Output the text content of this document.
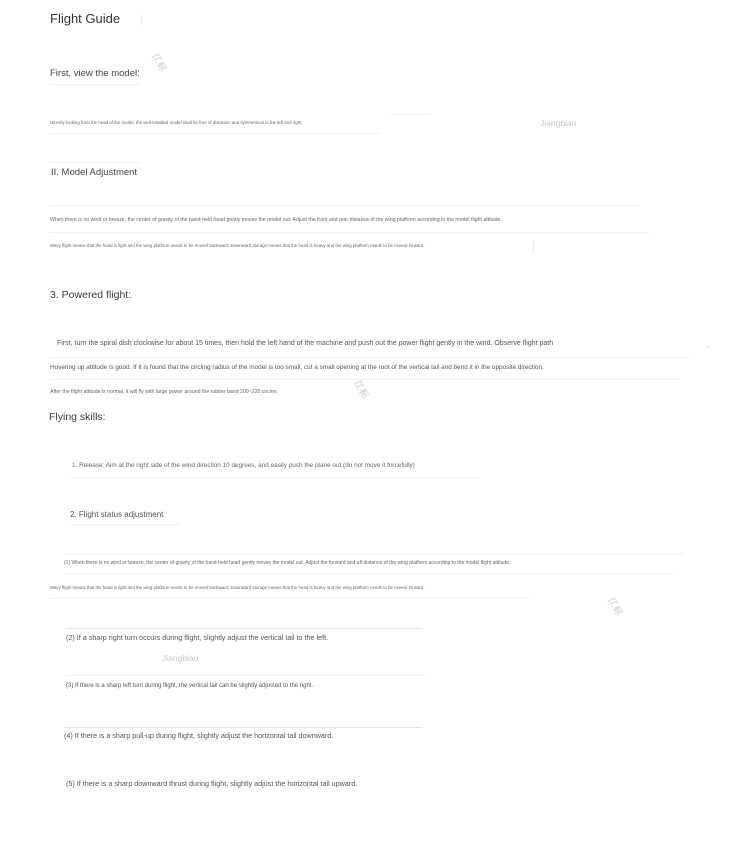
Jiangbiao
Jiangbiao
江标
江标
江标
Flight Guide
First, view the model:
Directly looking from the head of the model, the well-installed model shall be free of distortion and symmetrical to the left and right.
II. Model Adjustment
When there is no wind or breeze, the center of gravity of the hand-held head gently moves the model out. Adjust the front and rear distance of the wing platform according to the model flight attitude.
Wavy flight means that the head is light and the wing platform needs to be moved backward; Downward storage means that the head is heavy and the wing platform needs to be moved forward.
3. Powered flight:
First, turn the spiral dish clockwise for about 15 times, then hold the left hand of the machine and push out the power flight gently in the wind. Observe flight path	,
Hovering up attitude is good. If it is found that the circling radius of the model is too small, cut a small opening at the root of the vertical tail and bend it in the opposite direction.
After the flight attitude is normal, it will fly with large power around the rubber band 200~220 circles.
Flying skills:
1. Release: Aim at the right side of the wind direction 10 degrees, and easily push the plane out (do not move it forcefully)
2. Flight status adjustment
(1) When there is no wind or breeze, the center of gravity of the hand-held head gently moves the model out. Adjust the forward and aft distance of the wing platform according to the model flight attitude.
Wavy flight means that the head is light and the wing platform needs to be moved backward; Downward storage means that the head is heavy and the wing platform needs to be moved forward.
(2) If a sharp right turn occurs during flight, slightly adjust the vertical tail to the left.
(3) If there is a sharp left turn during flight, the vertical tail can be slightly adjusted to the right.
(4) If there is a sharp pull-up during flight, slightly adjust the horizontal tail downward.
(5) If there is a sharp downward thrust during flight, slightly adjust the horizontal tail upward.
